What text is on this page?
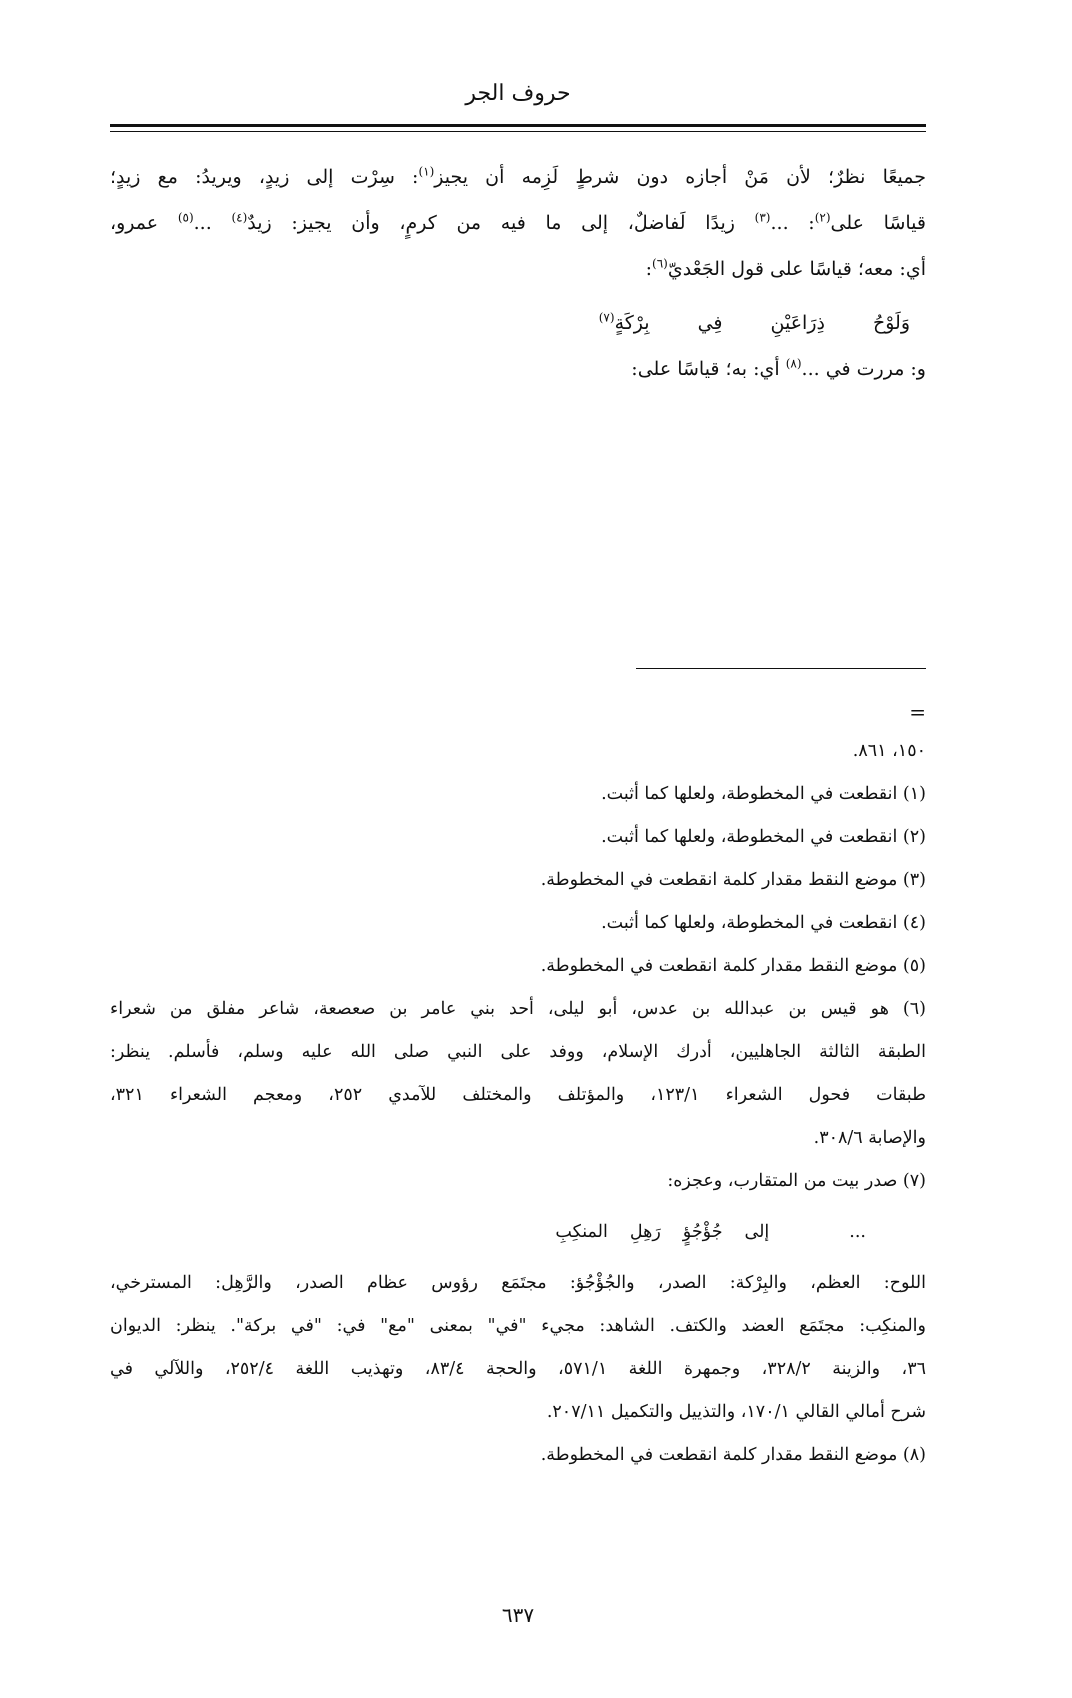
حروف الجر

جميعًا نظرٌ؛ لأن مَنْ أجازه دون شرطٍ لَزِمه أن يجيز$^{(١)}$: سِرْت إلى زيدٍ، ويريدُ: مع زيدٍ؛

قياسًا على$^{(٢)}$: ...$^{(٣)}$ زيدًا لَفاضلٌ، إلى ما فيه من كرمٍ، وأن يجيز: زيدٌ$^{(٤)}$ ...$^{(٥)}$ عمرو،

أي: معه؛ قياسًا على قول الجَعْديّ$^{(٦)}$:

وَلَوْحُ
ذِرَاعَيْنِ
فِي
بِرْكَةٍ$^{(٧)}$

و: مررت في ...$^{(٨)}$ أي: به؛ قياسًا على:

=

١٥٠، ٨٦١.

(١) انقطعت في المخطوطة، ولعلها كما أثبت.

(٢) انقطعت في المخطوطة، ولعلها كما أثبت.

(٣) موضع النقط مقدار كلمة انقطعت في المخطوطة.

(٤) انقطعت في المخطوطة، ولعلها كما أثبت.

(٥) موضع النقط مقدار كلمة انقطعت في المخطوطة.

(٦) هو قيس بن عبدالله بن عدس، أبو ليلى، أحد بني عامر بن صعصعة، شاعر مفلق من شعراء

الطبقة الثالثة الجاهليين، أدرك الإسلام، ووفد على النبي صلى الله عليه وسلم، فأسلم. ينظر:

طبقات فحول الشعراء ١٢٣/١، والمؤتلف والمختلف للآمدي ٢٥٢، ومعجم الشعراء ٣٢١،

والإصابة ٣٠٨/٦.

(٧) صدر بيت من المتقارب، وعجزه:

...
إلى
جُؤْجُؤٍ
رَهِلِ
المنكِبِ

اللوح: العظم، والبِرْكة: الصدر، والجُؤْجُؤ: مجتَمَع رؤوس عظام الصدر، والرَّهِل: المسترخي،

والمنكِب: مجتَمَع العضد والكتف. الشاهد: مجيء "في" بمعنى "مع" في: "في بركة". ينظر: الديوان

٣٦، والزينة ٣٢٨/٢، وجمهرة اللغة ٥٧١/١، والحجة ٨٣/٤، وتهذيب اللغة ٢٥٢/٤، واللآلي في

شرح أمالي القالي ١٧٠/١، والتذييل والتكميل ٢٠٧/١١.

(٨) موضع النقط مقدار كلمة انقطعت في المخطوطة.

٦٣٧
